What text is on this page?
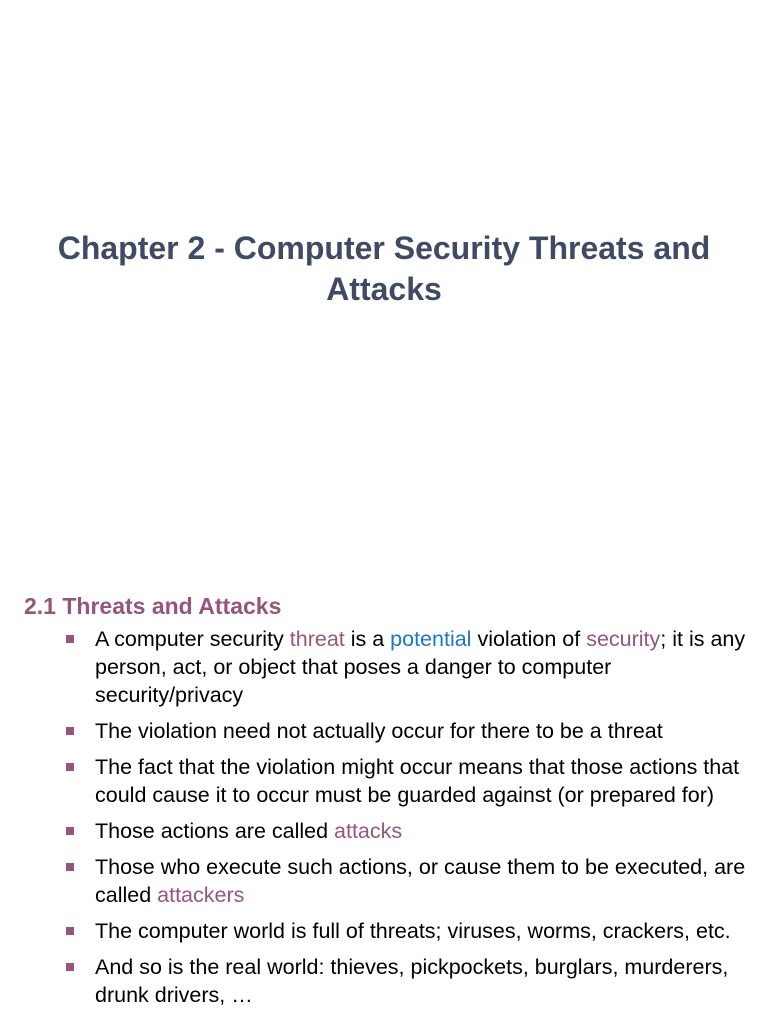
Chapter 2 - Computer Security Threats and Attacks
2.1 Threats and Attacks
A computer security threat is a potential violation of security; it is any person, act, or object that poses a danger to computer security/privacy
The violation need not actually occur for there to be a threat
The fact that the violation might occur means that those actions that could cause it to occur must be guarded against (or prepared for)
Those actions are called attacks
Those who execute such actions, or cause them to be executed, are called attackers
The computer world is full of threats; viruses, worms, crackers, etc.
And so is the real world: thieves, pickpockets, burglars, murderers, drunk drivers, …
